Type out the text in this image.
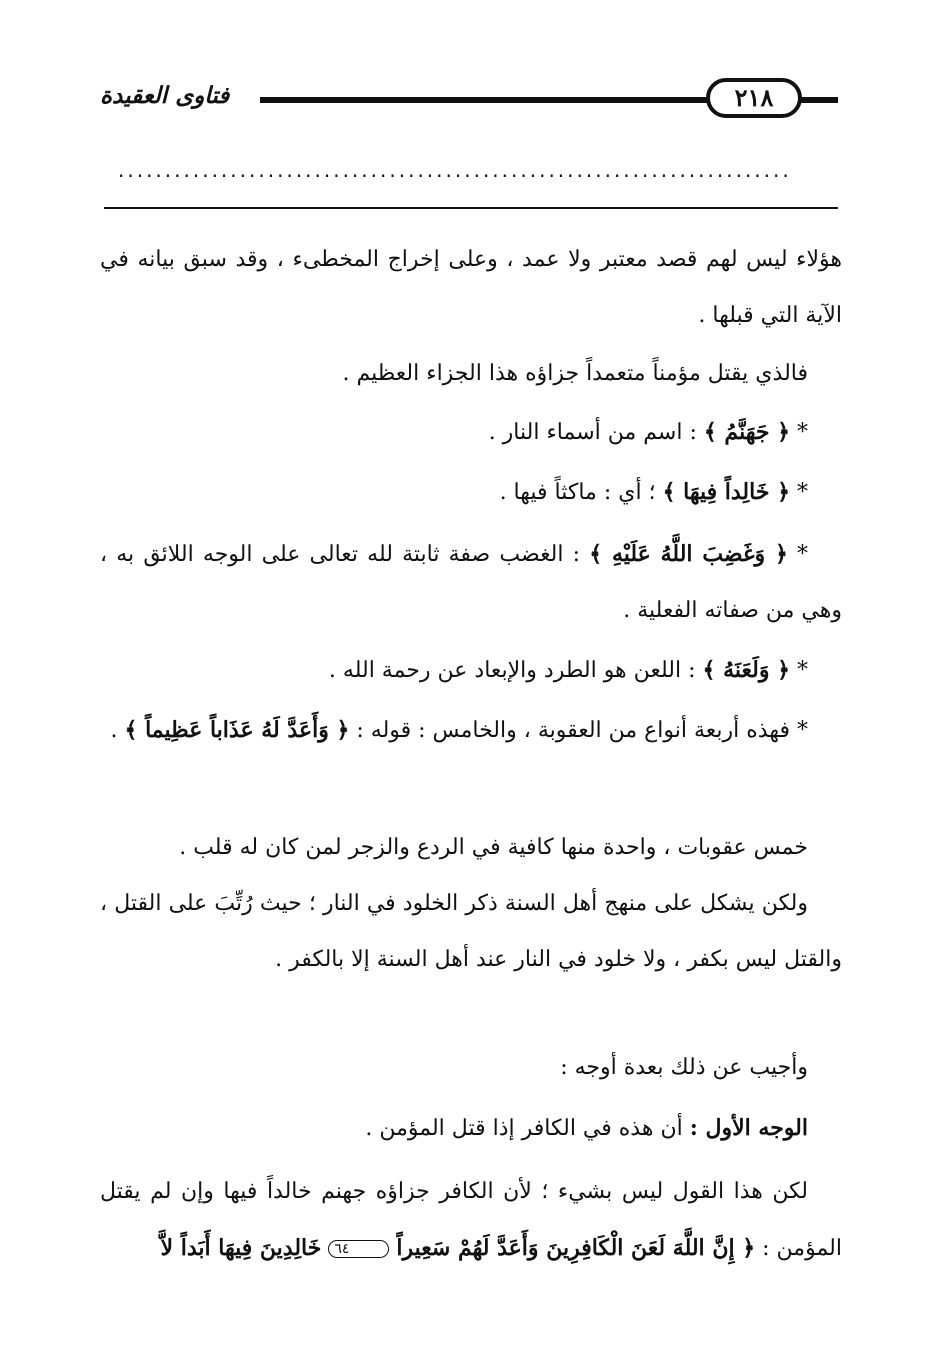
فتاوى العقيدة	٢١٨
........................................................................
هؤلاء ليس لهم قصد معتبر ولا عمد ، وعلى إخراج المخطىء ، وقد سبق بيانه في الآية التي قبلها .
فالذي يقتل مؤمناً متعمداً جزاؤه هذا الجزاء العظيم .
* ﴿ جَهَنَّمُ ﴾ : اسم من أسماء النار .
* ﴿ خَالِداً فِيهَا ﴾ ؛ أي : ماكثاً فيها .
* ﴿ وَغَضِبَ اللَّهُ عَلَيْهِ ﴾ : الغضب صفة ثابتة لله تعالى على الوجه اللائق به ، وهي من صفاته الفعلية .
* ﴿ وَلَعَنَهُ ﴾ : اللعن هو الطرد والإبعاد عن رحمة الله .
* فهذه أربعة أنواع من العقوبة ، والخامس : قوله : ﴿ وَأَعَدَّ لَهُ عَذَاباً عَظِيماً ﴾ .
خمس عقوبات ، واحدة منها كافية في الردع والزجر لمن كان له قلب .
ولكن يشكل على منهج أهل السنة ذكر الخلود في النار ؛ حيث رُتِّبَ على القتل ، والقتل ليس بكفر ، ولا خلود في النار عند أهل السنة إلا بالكفر .
وأجيب عن ذلك بعدة أوجه :
الوجه الأول : أن هذه في الكافر إذا قتل المؤمن .
لكن هذا القول ليس بشيء ؛ لأن الكافر جزاؤه جهنم خالداً فيها وإن لم يقتل المؤمن : ﴿ إِنَّ اللَّهَ لَعَنَ الْكَافِرِينَ وَأَعَدَّ لَهُمْ سَعِيراً ٦٤ خَالِدِينَ فِيهَا أَبَداً لاَّ
